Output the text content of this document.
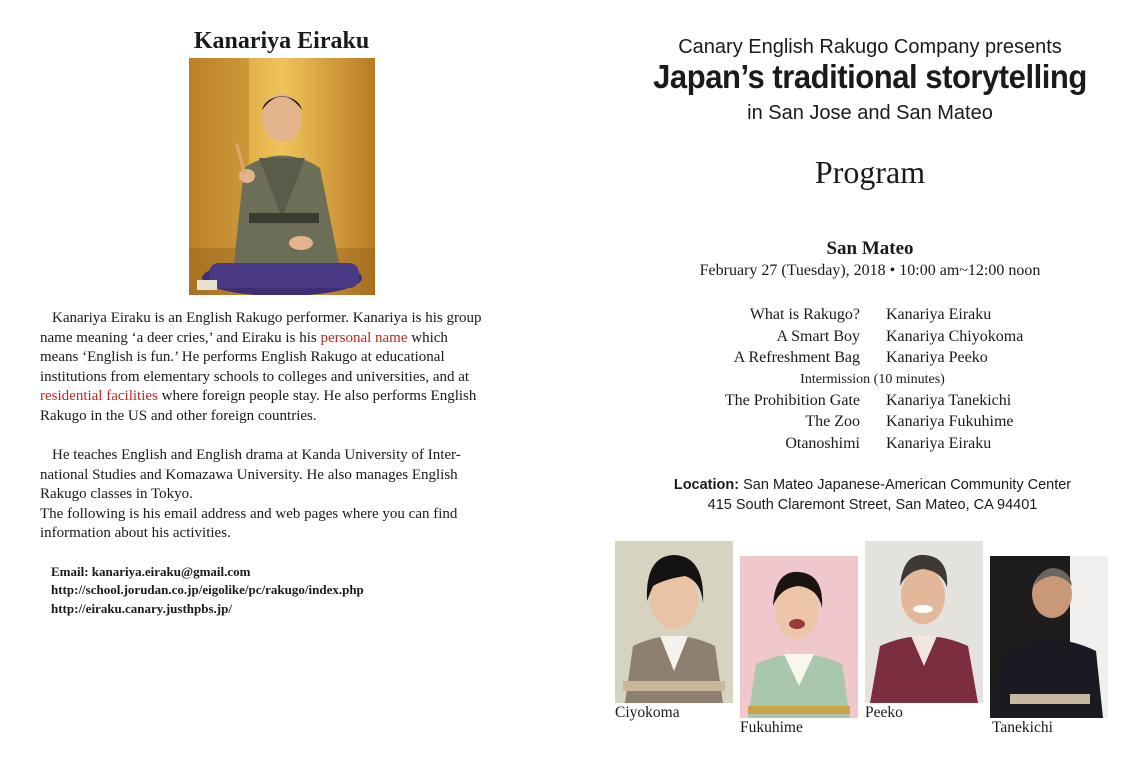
Kanariya Eiraku
Kanariya Eiraku is an English Rakugo performer. Kanariya is his group
name meaning ‘a deer cries,’ and Eiraku is his personal name which
means ‘English is fun.’ He performs English Rakugo at educational
institutions from elementary schools to colleges and universities, and at
residential facilities where foreign people stay. He also performs English
Rakugo in the US and other foreign countries.
He teaches English and English drama at Kanda University of Inter-
national Studies and Komazawa University. He also manages English
Rakugo classes in Tokyo.
The following is his email address and web pages where you can find
information about his activities.
Email: kanariya.eiraku@gmail.com
http://school.jorudan.co.jp/eigolike/pc/rakugo/index.php
http://eiraku.canary.justhpbs.jp/
Canary English Rakugo Company presents
Japan’s traditional storytelling
in San Jose and San Mateo
Program
San Mateo
February 27 (Tuesday), 2018 • 10:00 am~12:00 noon
What is Rakugo? Kanariya Eiraku
A Smart Boy Kanariya Chiyokoma
A Refreshment Bag Kanariya Peeko
Intermission (10 minutes)
The Prohibition Gate Kanariya Tanekichi
The Zoo Kanariya Fukuhime
Otanoshimi Kanariya Eiraku
Location: San Mateo Japanese-American Community Center
415 South Claremont Street, San Mateo, CA 94401
Ciyokoma
Fukuhime
Peeko
Tanekichi
